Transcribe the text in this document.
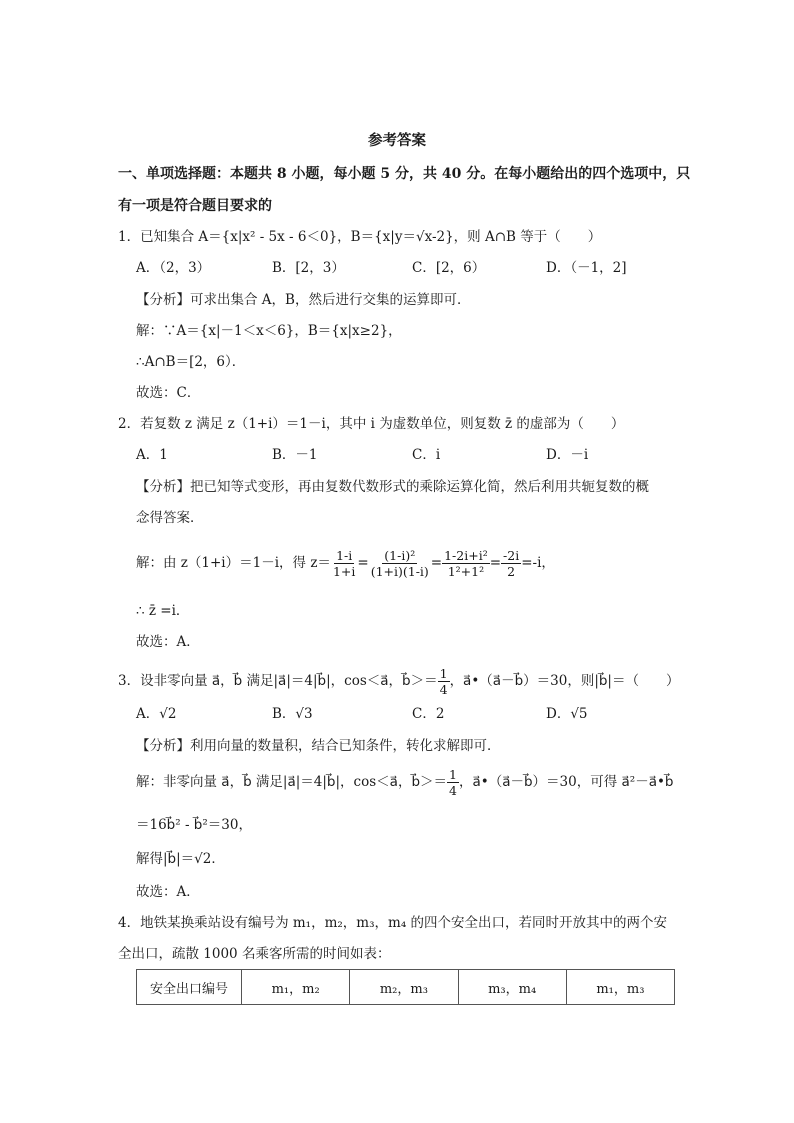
参考答案
一、单项选择题：本题共 8 小题，每小题 5 分，共 40 分。在每小题给出的四个选项中，只
有一项是符合题目要求的
1．已知集合 A＝{x|x² - 5x - 6＜0}，B＝{x|y＝√x-2}，则 A∩B 等于（　　）
A．（2，3）	B．[2，3）	C．[2，6）	D．（－1，2]
【分析】可求出集合 A，B，然后进行交集的运算即可．
解：∵A＝{x|－1＜x＜6}，B＝{x|x≥2}，
∴A∩B＝[2，6）．
故选：C．
2．若复数 z 满足 z（1+i）＝1－i，其中 i 为虚数单位，则复数 z̄ 的虚部为（　　）
A．1	B．－1	C．i	D．－i
【分析】把已知等式变形，再由复数代数形式的乘除运算化简，然后利用共轭复数的概
念得答案．
解：由 z（1+i）＝1－i，得 $z= \frac{1-i}{1+i} = \frac{\text{(1-i)²}}{(1+i)(1-i)} = \frac{\text{1-2i+i²}}{\text{1²+1²}} = \frac{-2i}{2} =-i$，
∴ z̄ =i．
故选：A．
3．设非零向量 a⃗，b⃗ 满足|a⃗|＝4|b⃗|，cos＜a⃗，b⃗＞＝ $\frac{1}{4}$ ，a⃗•（a⃗－b⃗）＝30，则|b⃗|＝（　　）
A．√2	B．√3	C．2	D．√5
【分析】利用向量的数量积，结合已知条件，转化求解即可．
解：非零向量 a⃗，b⃗ 满足|a⃗|＝4|b⃗|，cos＜a⃗，b⃗＞＝ $\frac{1}{4}$ ，a⃗•（a⃗－b⃗）＝30，可得 a⃗²－a⃗•b⃗
＝16b⃗² - b⃗²＝30，
解得|b⃗|＝√2．
故选：A．
4．地铁某换乘站设有编号为 m₁，m₂，m₃，m₄ 的四个安全出口，若同时开放其中的两个安
全出口，疏散 1000 名乘客所需的时间如表：
安全出口编号	m₁，m₂	m₂，m₃	m₃，m₄	m₁，m₃
